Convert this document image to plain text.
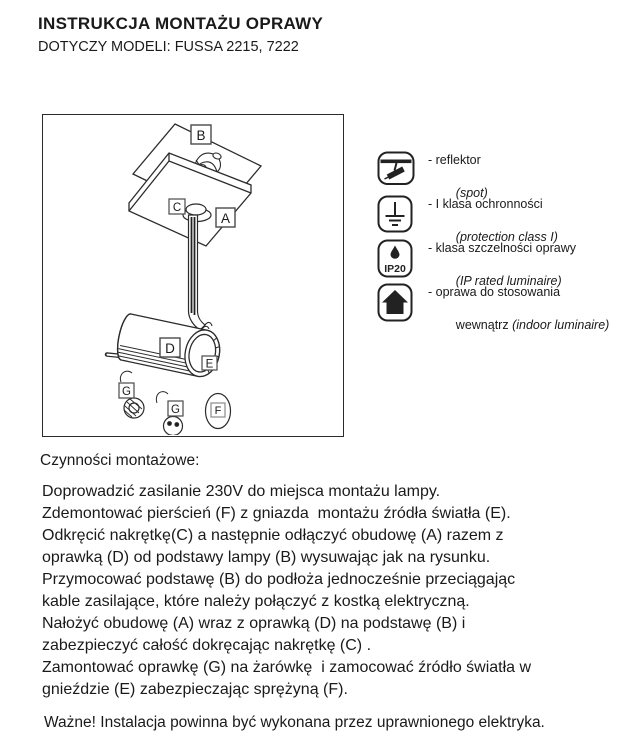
INSTRUKCJA MONTAŻU OPRAWY
DOTYCZY MODELI: FUSSA 2215, 7222
B
A
C
D
E
G
G	F
- reflektor

(spot)
- I klasa ochronności

(protection class I)
IP20
- klasa szczelności oprawy

(IP rated luminaire)
- oprawa do stosowania

wewnątrz (indoor luminaire)
Czynności montażowe:
Doprowadzić zasilanie 230V do miejsca montażu lampy.
Zdemontować pierścień (F) z gniazda  montażu źródła światła (E).
Odkręcić nakrętkę(C) a następnie odłączyć obudowę (A) razem z
oprawką (D) od podstawy lampy (B) wysuwając jak na rysunku.
Przymocować podstawę (B) do podłoża jednocześnie przeciągając
kable zasilające, które należy połączyć z kostką elektryczną.
Nałożyć obudowę (A) wraz z oprawką (D) na podstawę (B) i
zabezpieczyć całość dokręcając nakrętkę (C) .
Zamontować oprawkę (G) na żarówkę  i zamocować źródło światła w
gnieździe (E) zabezpieczając sprężyną (F).
Ważne! Instalacja powinna być wykonana przez uprawnionego elektryka.
